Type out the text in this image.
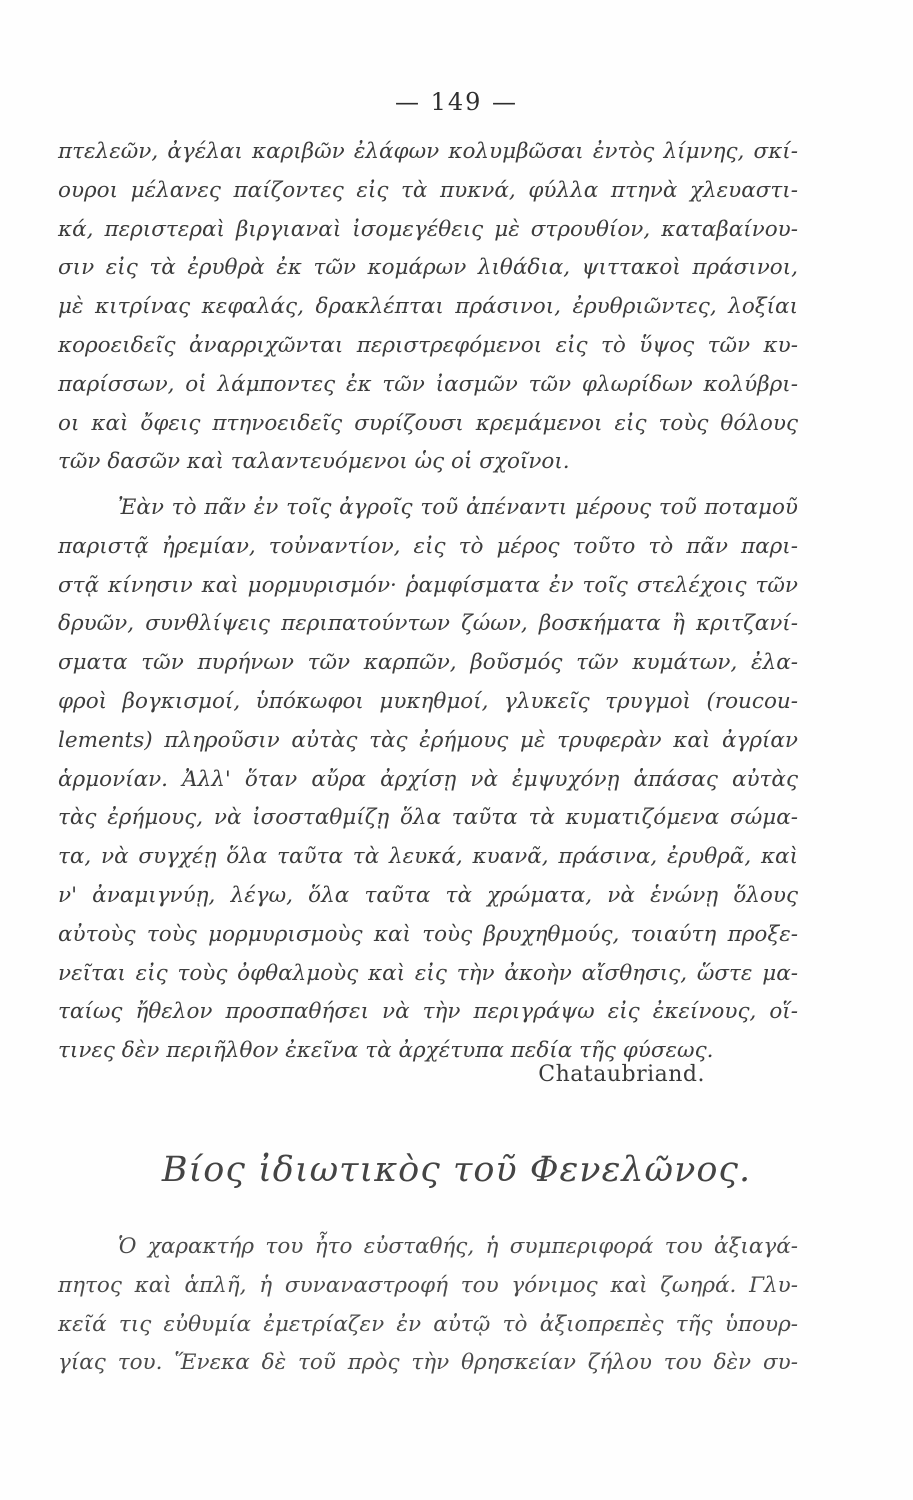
— 149 —
πτελεῶν, ἀγέλαι καριβῶν ἐλάφων κολυμβῶσαι ἐντὸς λίμνης, σκί-
ουροι μέλανες παίζοντες εἰς τὰ πυκνά, φύλλα πτηνὰ χλευαστι-
κά, περιστεραὶ βιργιαναὶ ἰσομεγέθεις μὲ στρουθίον, καταβαίνου-
σιν εἰς τὰ ἐρυθρὰ ἐκ τῶν κομάρων λιθάδια, ψιττακοὶ πράσινοι,
μὲ κιτρίνας κεφαλάς, δρακλέπται πράσινοι, ἐρυθριῶντες, λοξίαι
κοροειδεῖς ἀναρριχῶνται περιστρεφόμενοι εἰς τὸ ὕψος τῶν κυ-
παρίσσων, οἱ λάμποντες ἐκ τῶν ἰασμῶν τῶν φλωρίδων κολύβρι-
οι καὶ ὄφεις πτηνοειδεῖς συρίζουσι κρεμάμενοι εἰς τοὺς θόλους
τῶν δασῶν καὶ ταλαντευόμενοι ὡς οἱ σχοῖνοι.
Ἐὰν τὸ πᾶν ἐν τοῖς ἀγροῖς τοῦ ἀπέναντι μέρους τοῦ ποταμοῦ
παριστᾷ ἠρεμίαν, τοὐναντίον, εἰς τὸ μέρος τοῦτο τὸ πᾶν παρι-
στᾷ κίνησιν καὶ μορμυρισμόν· ῥαμφίσματα ἐν τοῖς στελέχοις τῶν
δρυῶν, συνθλίψεις περιπατούντων ζώων, βοσκήματα ἢ κριτζανί-
σματα τῶν πυρήνων τῶν καρπῶν, βοῦσμός τῶν κυμάτων, ἐλα-
φροὶ βογκισμοί, ὑπόκωφοι μυκηθμοί, γλυκεῖς τρυγμοὶ (roucou-
lements) πληροῦσιν αὐτὰς τὰς ἐρήμους μὲ τρυφερὰν καὶ ἀγρίαν
ἁρμονίαν. Ἀλλ' ὅταν αὔρα ἀρχίσῃ νὰ ἐμψυχόνῃ ἁπάσας αὐτὰς
τὰς ἐρήμους, νὰ ἰσοσταθμίζῃ ὅλα ταῦτα τὰ κυματιζόμενα σώμα-
τα, νὰ συγχέῃ ὅλα ταῦτα τὰ λευκά, κυανᾶ, πράσινα, ἐρυθρᾶ, καὶ
ν' ἀναμιγνύῃ, λέγω, ὅλα ταῦτα τὰ χρώματα, νὰ ἑνώνῃ ὅλους
αὐτοὺς τοὺς μορμυρισμοὺς καὶ τοὺς βρυχηθμούς, τοιαύτη προξε-
νεῖται εἰς τοὺς ὀφθαλμοὺς καὶ εἰς τὴν ἀκοὴν αἴσθησις, ὥστε μα-
ταίως ἤθελον προσπαθήσει νὰ τὴν περιγράψω εἰς ἐκείνους, οἵ-
τινες δὲν περιῆλθον ἐκεῖνα τὰ ἀρχέτυπα πεδία τῆς φύσεως.
Chataubriand.
Βίος ἰδιωτικὸς τοῦ Φενελῶνος.
Ὁ χαρακτήρ του ἦτο εὐσταθής, ἡ συμπεριφορά του ἀξιαγά-
πητος καὶ ἁπλῆ, ἡ συναναστροφή του γόνιμος καὶ ζωηρά. Γλυ-
κεῖά τις εὐθυμία ἐμετρίαζεν ἐν αὐτῷ τὸ ἀξιοπρεπὲς τῆς ὑπουρ-
γίας του. Ἕνεκα δὲ τοῦ πρὸς τὴν θρησκείαν ζήλου του δὲν συ-
